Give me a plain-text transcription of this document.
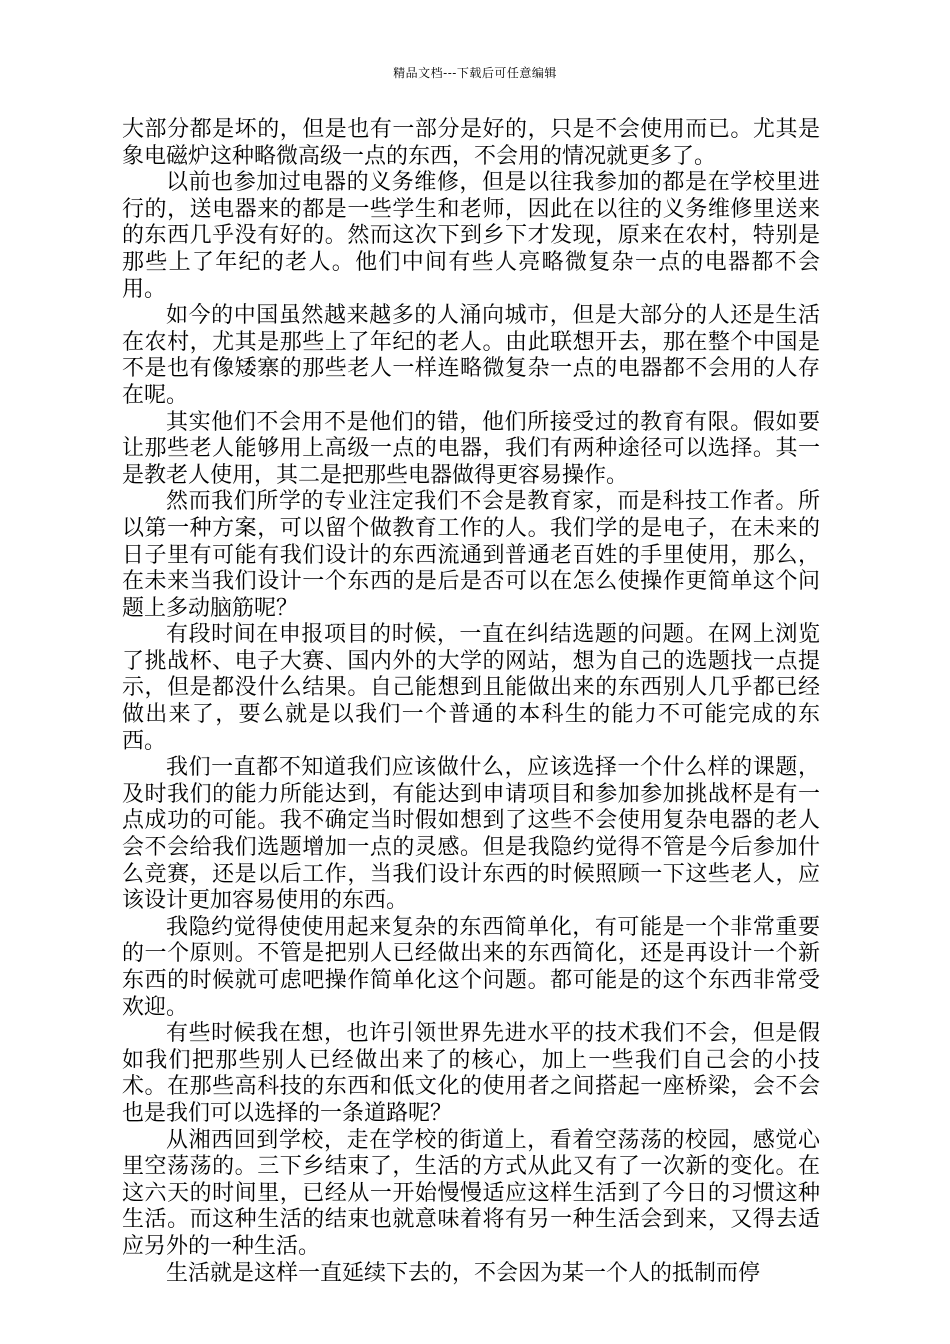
精品文档---下载后可任意编辑

大部分都是坏的，但是也有一部分是好的，只是不会使用而已。尤其是象电磁炉这种略微高级一点的东西，不会用的情况就更多了。

以前也参加过电器的义务维修，但是以往我参加的都是在学校里进行的，送电器来的都是一些学生和老师，因此在以往的义务维修里送来的东西几乎没有好的。然而这次下到乡下才发现，原来在农村，特别是那些上了年纪的老人。他们中间有些人亮略微复杂一点的电器都不会用。

如今的中国虽然越来越多的人涌向城市，但是大部分的人还是生活在农村，尤其是那些上了年纪的老人。由此联想开去，那在整个中国是不是也有像矮寨的那些老人一样连略微复杂一点的电器都不会用的人存在呢。

其实他们不会用不是他们的错，他们所接受过的教育有限。假如要让那些老人能够用上高级一点的电器，我们有两种途径可以选择。其一是教老人使用，其二是把那些电器做得更容易操作。

然而我们所学的专业注定我们不会是教育家，而是科技工作者。所以第一种方案，可以留个做教育工作的人。我们学的是电子，在未来的日子里有可能有我们设计的东西流通到普通老百姓的手里使用，那么，在未来当我们设计一个东西的是后是否可以在怎么使操作更简单这个问题上多动脑筋呢？

有段时间在申报项目的时候，一直在纠结选题的问题。在网上浏览了挑战杯、电子大赛、国内外的大学的网站，想为自己的选题找一点提示，但是都没什么结果。自己能想到且能做出来的东西别人几乎都已经做出来了，要么就是以我们一个普通的本科生的能力不可能完成的东西。

我们一直都不知道我们应该做什么，应该选择一个什么样的课题，及时我们的能力所能达到，有能达到申请项目和参加参加挑战杯是有一点成功的可能。我不确定当时假如想到了这些不会使用复杂电器的老人会不会给我们选题增加一点的灵感。但是我隐约觉得不管是今后参加什么竞赛，还是以后工作，当我们设计东西的时候照顾一下这些老人，应该设计更加容易使用的东西。

我隐约觉得使使用起来复杂的东西简单化，有可能是一个非常重要的一个原则。不管是把别人已经做出来的东西简化，还是再设计一个新东西的时候就可虑吧操作简单化这个问题。都可能是的这个东西非常受欢迎。

有些时候我在想，也许引领世界先进水平的技术我们不会，但是假如我们把那些别人已经做出来了的核心，加上一些我们自己会的小技术。在那些高科技的东西和低文化的使用者之间搭起一座桥梁，会不会也是我们可以选择的一条道路呢？

从湘西回到学校，走在学校的街道上，看着空荡荡的校园，感觉心里空荡荡的。三下乡结束了，生活的方式从此又有了一次新的变化。在这六天的时间里，已经从一开始慢慢适应这样生活到了今日的习惯这种生活。而这种生活的结束也就意味着将有另一种生活会到来，又得去适应另外的一种生活。

生活就是这样一直延续下去的，不会因为某一个人的抵制而停
